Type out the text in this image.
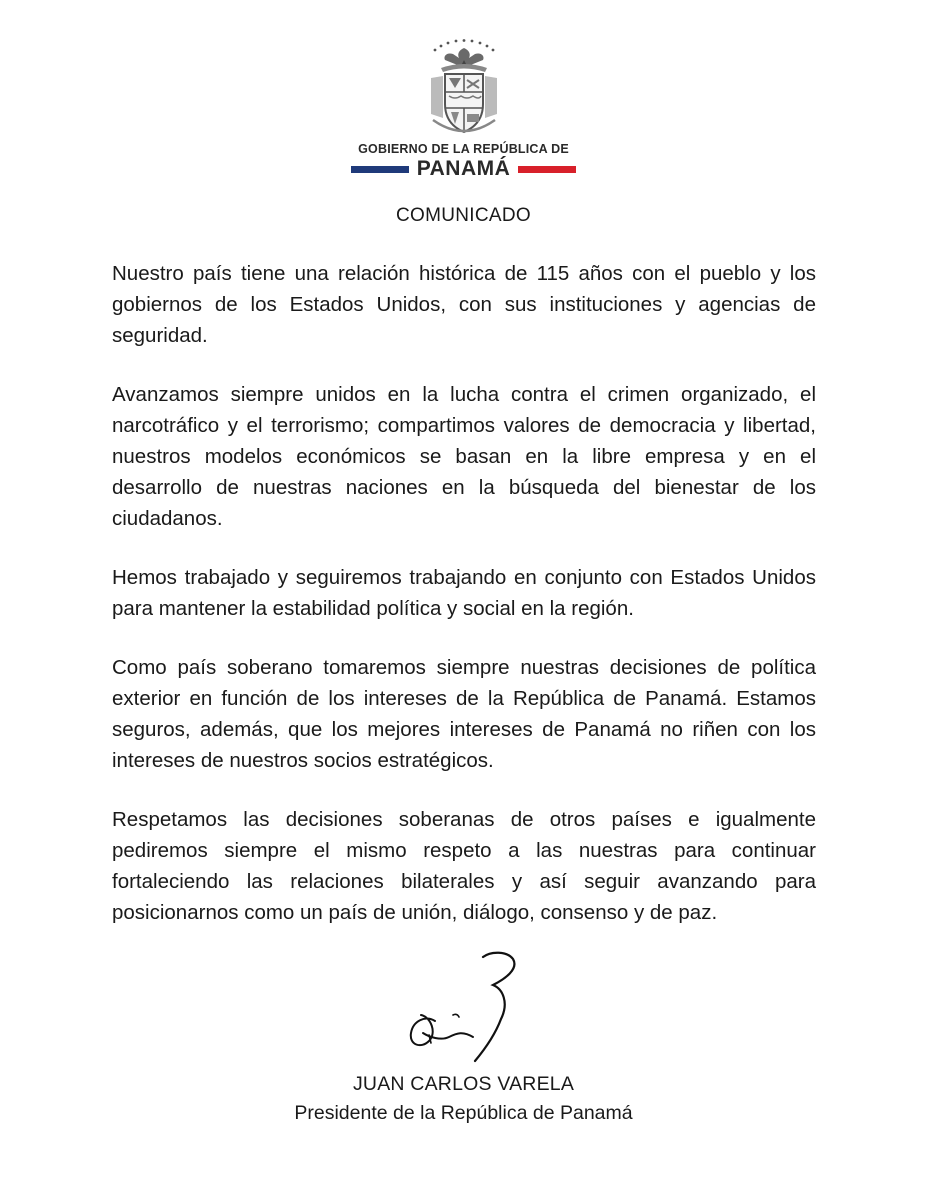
GOBIERNO DE LA REPÚBLICA DE
PANAMÁ
COMUNICADO

Nuestro país tiene una relación histórica de 115 años con el pueblo y los gobiernos de los Estados Unidos, con sus instituciones y agencias de seguridad.

Avanzamos siempre unidos en la lucha contra el crimen organizado, el narcotráfico y el terrorismo; compartimos valores de democracia y libertad, nuestros modelos económicos se basan en la libre empresa y en el desarrollo de nuestras naciones en la búsqueda del bienestar de los ciudadanos.

Hemos trabajado y seguiremos trabajando en conjunto con Estados Unidos para mantener la estabilidad política y social en la región.

Como país soberano tomaremos siempre nuestras decisiones de política exterior en función de los intereses de la República de Panamá. Estamos seguros, además, que los mejores intereses de Panamá no riñen con los intereses de nuestros socios estratégicos.

Respetamos las decisiones soberanas de otros países e igualmente pediremos siempre el mismo respeto a las nuestras para continuar fortaleciendo las relaciones bilaterales y así seguir avanzando para posicionarnos como un país de unión, diálogo, consenso y de paz.

JUAN CARLOS VARELA
Presidente de la República de Panamá
